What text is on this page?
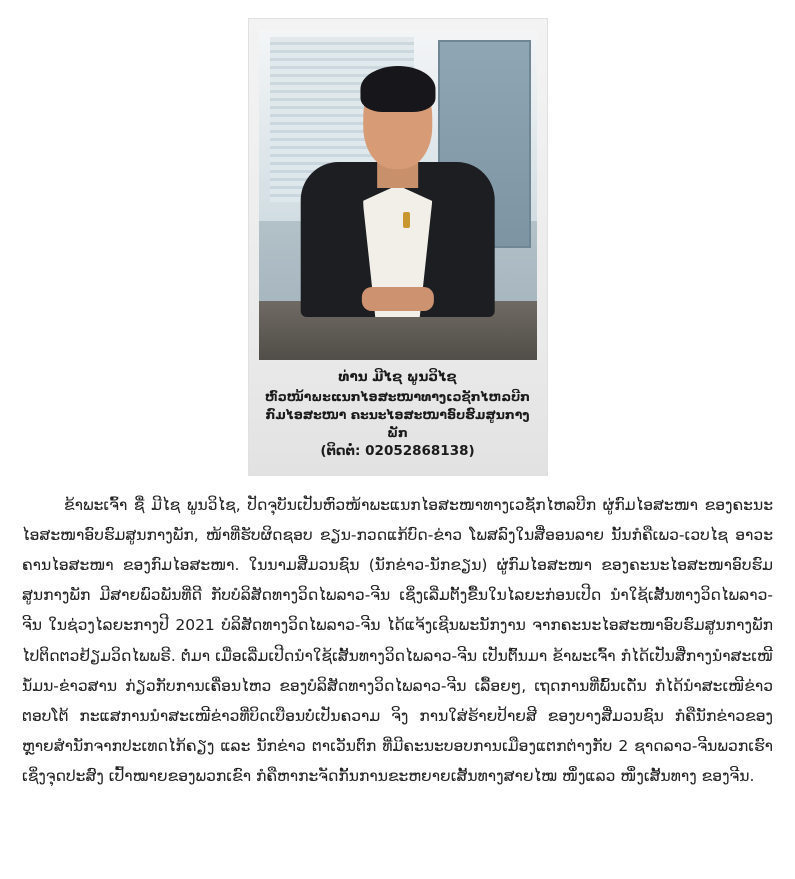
ທ່ານ ມີໄຊ ພູນວິໄຊ
ຫົວໜ້າພະແນກໄອສະໜາທາງເວຊັກໄຫລບີກ
ກົມໄອສະໜາ ຄະນະໄອສະໜາອົບຮົມສູນກາງພັກ
(ຕິດຕໍ່: 02052868138)

ຂ້າພະເຈົ້າ ຊື່ ມີໄຊ ພູນວິໄຊ, ປັດຈຸບັນເປັນຫົວໜ້າພະແນກໄອສະໜາທາງເວຊັກໄຫລບີກ ຜູ່ກົມໄອສະໜາ ຂອງຄະນະໄອສະໜາອົບຮົມສູນກາງພັກ, ໜ້າທີ່ຮັບຜິດຊອບ ຂຽນ-ກວດແກ້ບົດ-ຂ່າວ ໂພສລົງໃນສື່ອອນລາຍ ນັ້ນກໍຄືເພວ-ເວບໄຊ ອາວະຄານໄອສະໜາ ຂອງກົມໄອສະໜາ. ໃນນາມສື່ມວນຊົນ (ນັກຂ່າວ-ນັກຂຽນ) ຜູ່ກົມໄອສະໜາ ຂອງຄະນະໄອສະໜາອົບຮົມສູນກາງພັກ ມີສາຍພົວພັນທີ່ດີ ກັບບໍລິສັດທາງວິດໄພລາວ-ຈີນ ເຊິ່ງເລີ່ມຕັ້ງຂື້ນໃນໄລຍະກ່ອນເປີດ ນຳໃຊ້ເສັ້ນທາງວິດໄພລາວ-ຈີນ ໃນຊ່ວງໄລຍະກາງປີ 2021 ບໍລິສັດທາງວິດໄພລາວ-ຈີນ ໄດ້ແຈ້ງເຊີນພະນັກງານ ຈາກຄະນະໄອສະໜາອົບຮົມສູນກາງພັກ ໄປຕິດຕວຢ້ຽມວິດໄພພຣີ. ຕໍ່ມາ ເມື່ອເລີ່ມເປີດນຳໃຊ້ເສັ້ນທາງວິດໄພລາວ-ຈີນ ເປັນຕົ້ນມາ ຂ້າພະເຈົ້າ ກໍໄດ້ເປັນສື່ກາງນຳສະເໜີນໍ້ມນ-ຂ່າວສານ ກ່ຽວກັບການເຄື່ອນໄຫວ ຂອງບໍລິສັດທາງວິດໄພລາວ-ຈີນ ເລື້ອຍໆ, ເຖດການທີ່ພົ້ນເດັ່ນ ກໍໄດ້ນຳສະເໜີຂ່າວຕອບໂຕ້ ກະແສການນຳສະເໜີຂ່າວທີ່ບິດເບືອນບໍ່ເປັນຄວາມ ຈິງ ການໃສ່ຮ້າຍປ້າຍສີ ຂອງບາງສື່ມວນຊົນ ກໍຄືນັກຂ່າວຂອງຫຼາຍສຳນັກຈາກປະເທດໄກ້ຄຽງ ແລະ ນັກຂ່າວ ຕາເວັນຕົກ ທີ່ມີຄະນະບອບການເມືອງແຕກຕ່າງກັບ 2 ຊາດລາວ-ຈີນພວກເຮົາ ເຊິ່ງຈຸດປະສົງ ເປົ້າໝາຍຂອງພວກເຂົາ ກໍຄືຫາກະຈັດກັ້ນການຂະຫຍາຍເສັ້ນທາງສາຍໄໝ ໜຶ່ງແລວ ໜຶ່ງເສັ້ນທາງ ຂອງຈີນ.
